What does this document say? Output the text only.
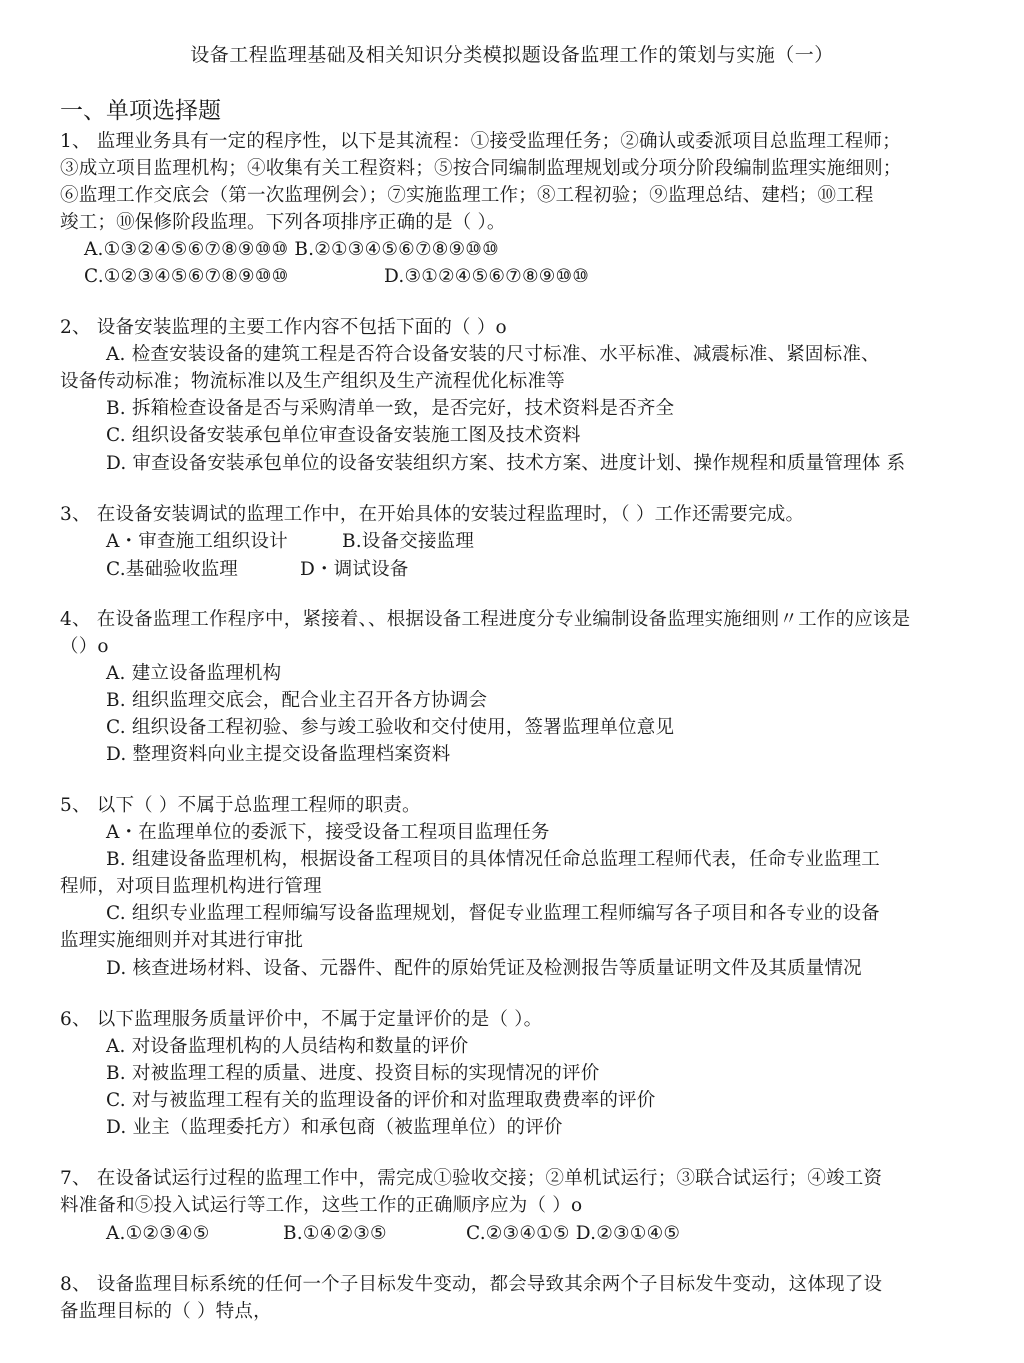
设备工程监理基础及相关知识分类模拟题设备监理工作的策划与实施（一）
一、单项选择题
1、 监理业务具有一定的程序性，以下是其流程：①接受监理任务；②确认或委派项目总监理工程师；
③成立项目监理机构；④收集有关工程资料；⑤按合同编制监理规划或分项分阶段编制监理实施细则；
⑥监理工作交底会（第一次监理例会）；⑦实施监理工作；⑧工程初验；⑨监理总结、建档；⑩工程
竣工；⑩保修阶段监理。下列各项排序正确的是（ ）。
A.①③②④⑤⑥⑦⑧⑨⑩⑩ B.②①③④⑤⑥⑦⑧⑨⑩⑩
C.①②③④⑤⑥⑦⑧⑨⑩⑩	D.③①②④⑤⑥⑦⑧⑨⑩⑩
2、 设备安装监理的主要工作内容不包括下面的（ ）o
A. 检查安装设备的建筑工程是否符合设备安装的尺寸标准、水平标准、减震标准、紧固标准、
设备传动标准；物流标准以及生产组织及生产流程优化标准等
B. 拆箱检查设备是否与采购清单一致，是否完好，技术资料是否齐全
C. 组织设备安装承包单位审查设备安装施工图及技术资料
D. 审查设备安装承包单位的设备安装组织方案、技术方案、进度计划、操作规程和质量管理体 系
3、 在设备安装调试的监理工作中，在开始具体的安装过程监理时，（ ）工作还需要完成。
A・审查施工组织设计	B.设备交接监理
C.基础验收监理	D・调试设备
4、 在设备监理工作程序中，紧接着、、根据设备工程进度分专业编制设备监理实施细则〃工作的应该是
（）o
A. 建立设备监理机构
B. 组织监理交底会，配合业主召开各方协调会
C. 组织设备工程初验、参与竣工验收和交付使用，签署监理单位意见
D. 整理资料向业主提交设备监理档案资料
5、 以下（ ）不属于总监理工程师的职责。
A・在监理单位的委派下，接受设备工程项目监理任务
B. 组建设备监理机构，根据设备工程项目的具体情况任命总监理工程师代表，任命专业监理工
程师，对项目监理机构进行管理
C. 组织专业监理工程师编写设备监理规划，督促专业监理工程师编写各子项目和各专业的设备
监理实施细则并对其进行审批
D. 核查进场材料、设备、元器件、配件的原始凭证及检测报告等质量证明文件及其质量情况
6、 以下监理服务质量评价中，不属于定量评价的是（ ）。
A. 对设备监理机构的人员结构和数量的评价
B. 对被监理工程的质量、进度、投资目标的实现情况的评价
C. 对与被监理工程有关的监理设备的评价和对监理取费费率的评价
D. 业主（监理委托方）和承包商（被监理单位）的评价
7、 在设备试运行过程的监理工作中，需完成①验收交接；②单机试运行；③联合试运行；④竣工资
料准备和⑤投入试运行等工作，这些工作的正确顺序应为（ ）o
A.①②③④⑤	B.①④②③⑤	C.②③④①⑤ D.②③①④⑤
8、 设备监理目标系统的任何一个子目标发牛变动，都会导致其余两个子目标发牛变动，这体现了设
备监理目标的（ ）特点，
